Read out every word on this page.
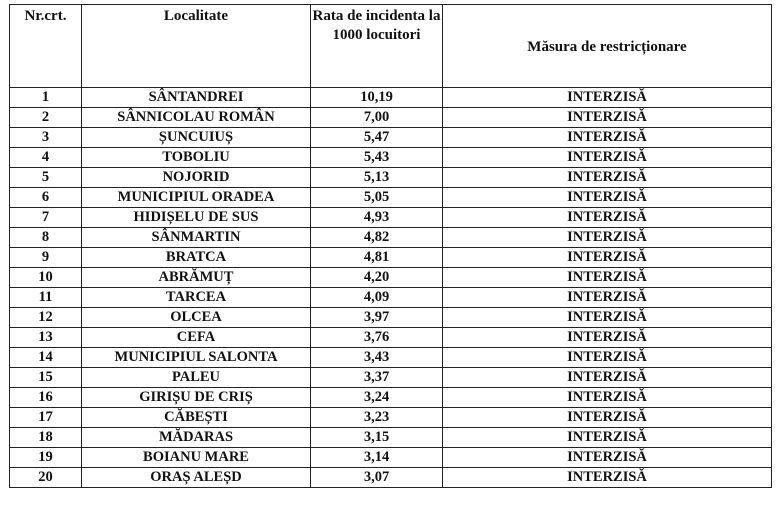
Nr.crt.	Localitate	Rata de incidenta la 1000 locuitori	Măsura de restricționare
1	SÂNTANDREI	10,19	INTERZISĂ
2	SÂNNICOLAU ROMÂN	7,00	INTERZISĂ
3	ȘUNCUIUȘ	5,47	INTERZISĂ
4	TOBOLIU	5,43	INTERZISĂ
5	NOJORID	5,13	INTERZISĂ
6	MUNICIPIUL ORADEA	5,05	INTERZISĂ
7	HIDIȘELU DE SUS	4,93	INTERZISĂ
8	SÂNMARTIN	4,82	INTERZISĂ
9	BRATCA	4,81	INTERZISĂ
10	ABRĂMUȚ	4,20	INTERZISĂ
11	TARCEA	4,09	INTERZISĂ
12	OLCEA	3,97	INTERZISĂ
13	CEFA	3,76	INTERZISĂ
14	MUNICIPIUL SALONTA	3,43	INTERZISĂ
15	PALEU	3,37	INTERZISĂ
16	GIRIȘU DE CRIȘ	3,24	INTERZISĂ
17	CĂBEȘTI	3,23	INTERZISĂ
18	MĂDARAS	3,15	INTERZISĂ
19	BOIANU MARE	3,14	INTERZISĂ
20	ORAȘ ALEȘD	3,07	INTERZISĂ
